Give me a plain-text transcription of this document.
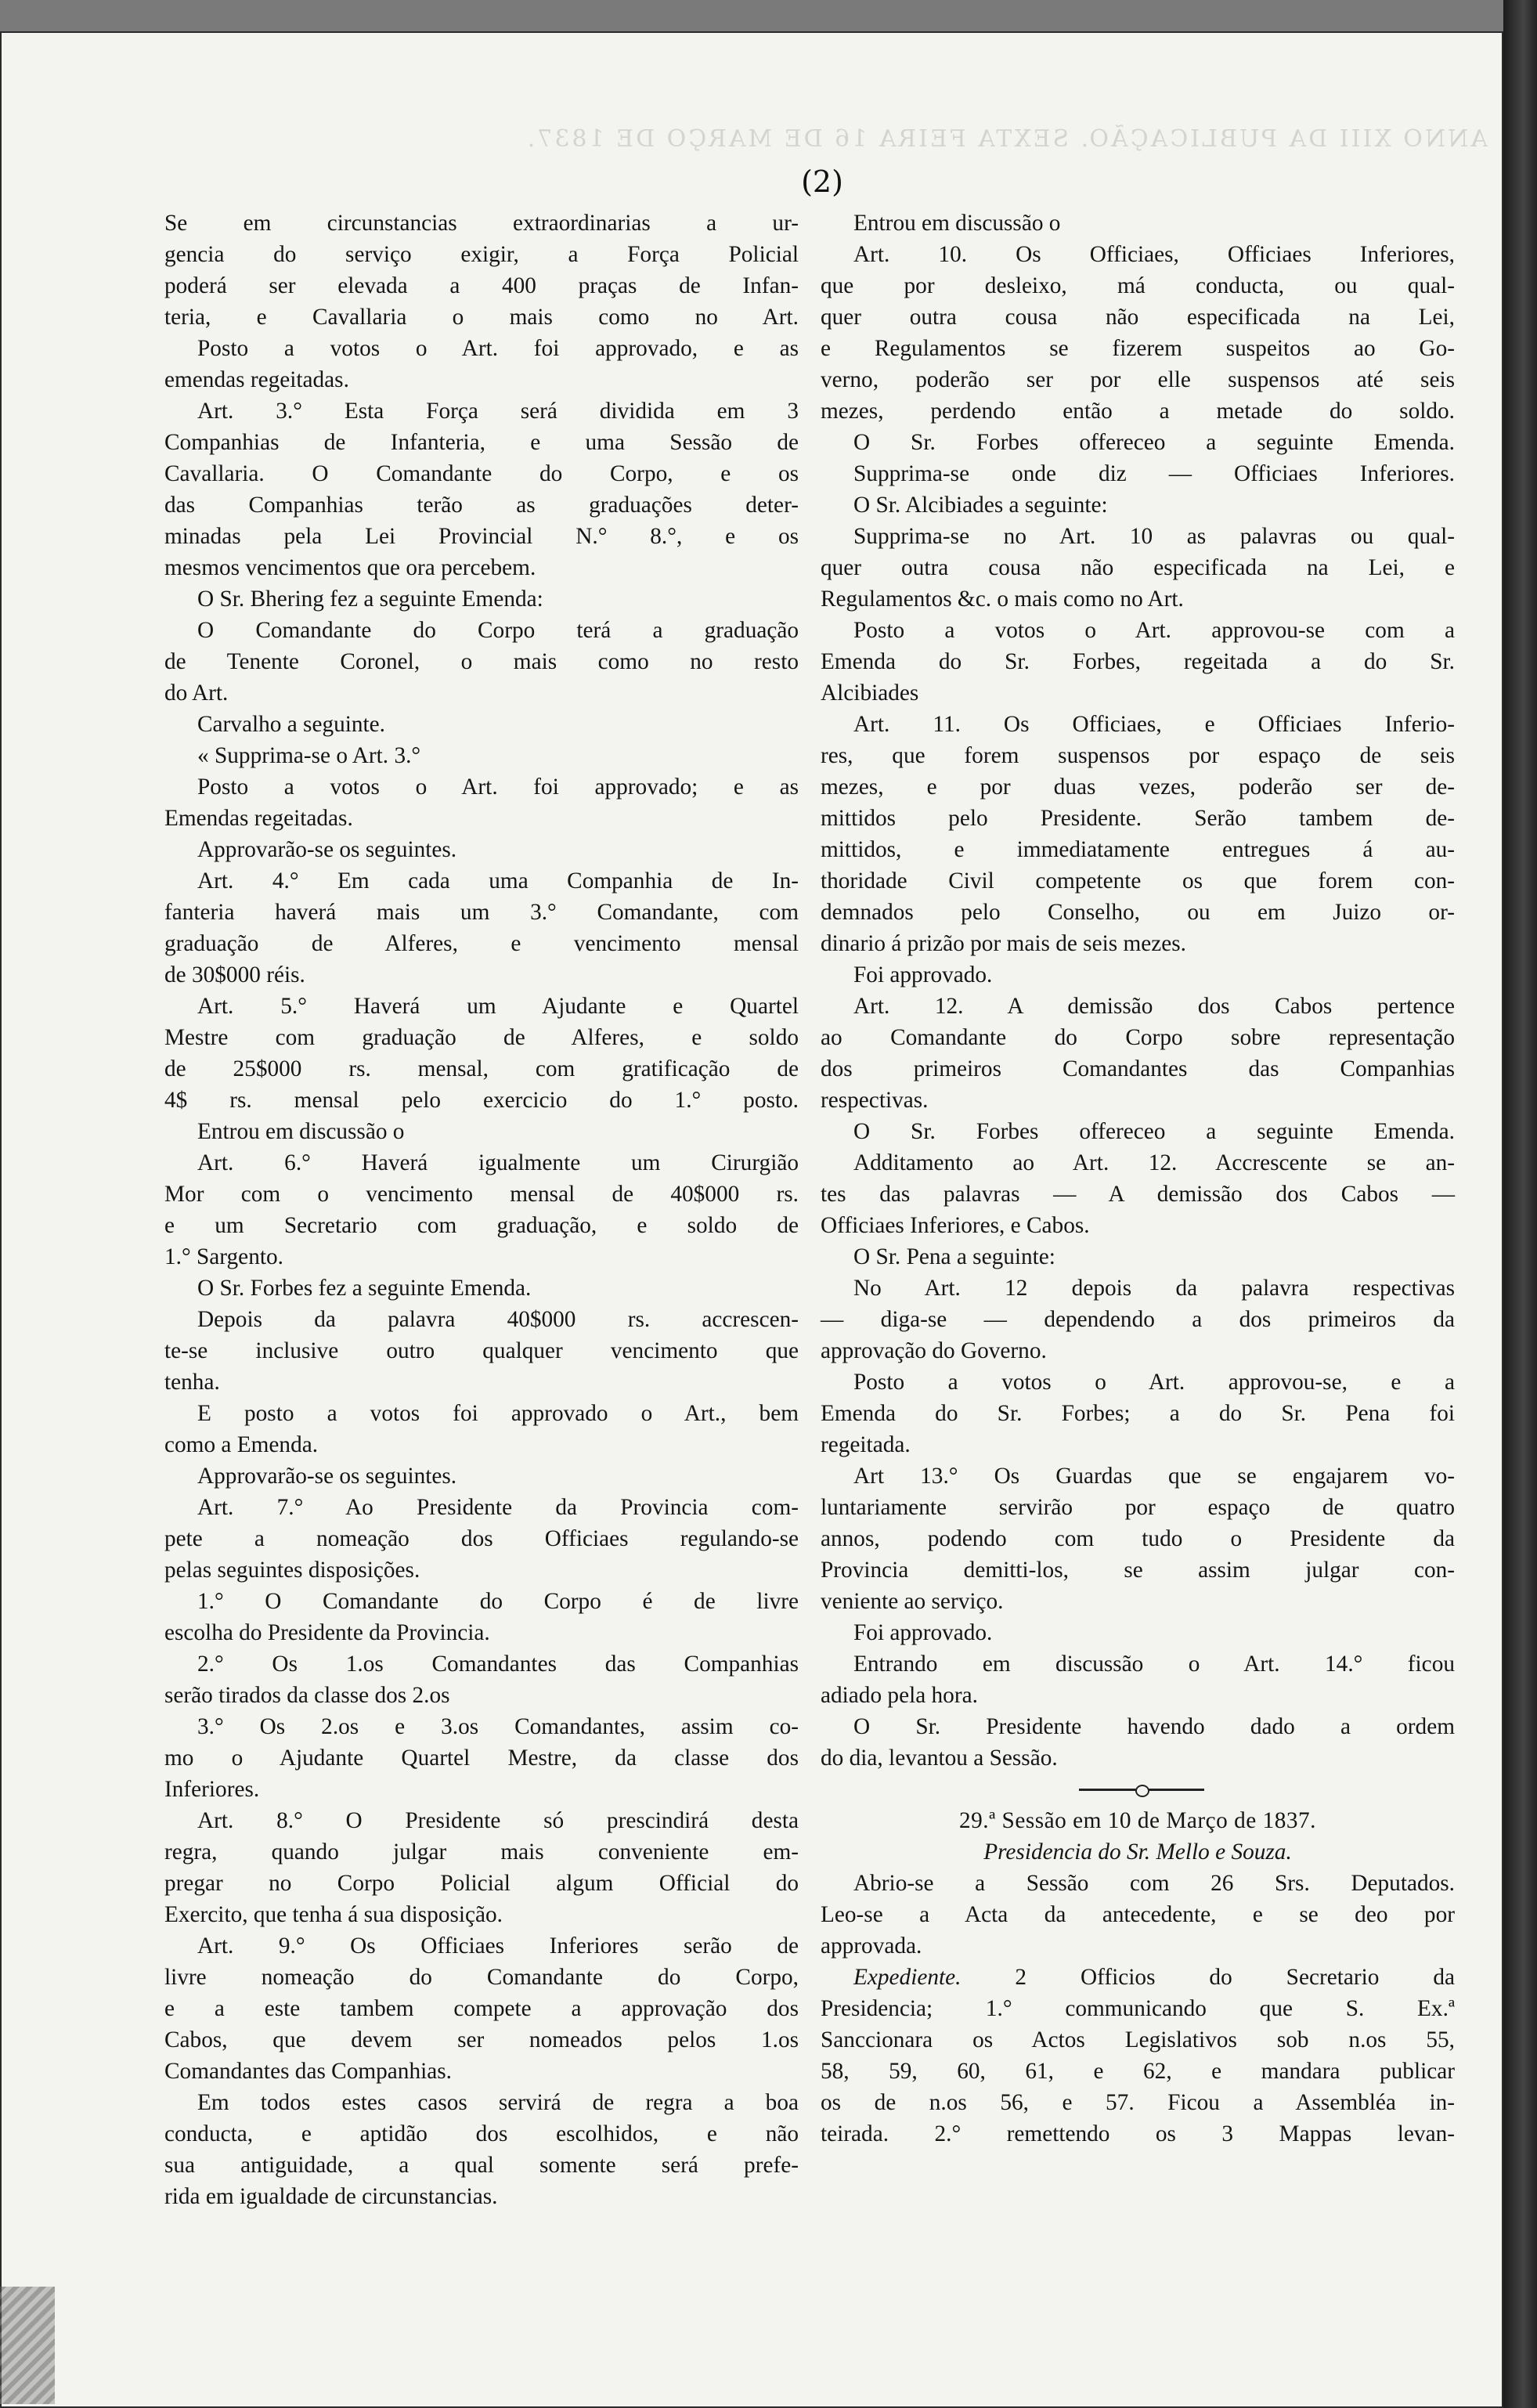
ANNO XIII DA PUBLICAÇÃO. SEXTA FEIRA 16 DE MARÇO DE 1837.
(2)
Se em circunstancias extraordinarias a ur-
gencia do serviço exigir, a Força Policial
poderá ser elevada a 400 praças de Infan-
teria, e Cavallaria o mais como no Art.
Posto a votos o Art. foi approvado, e as
emendas regeitadas.
Art. 3.° Esta Força será dividida em 3
Companhias de Infanteria, e uma Sessão de
Cavallaria. O Comandante do Corpo, e os
das Companhias terão as graduações deter-
minadas pela Lei Provincial N.° 8.°, e os
mesmos vencimentos que ora percebem.
O Sr. Bhering fez a seguinte Emenda:
O Comandante do Corpo terá a graduação
de Tenente Coronel, o mais como no resto
do Art.
Carvalho a seguinte.
« Supprima-se o Art. 3.°
Posto a votos o Art. foi approvado; e as
Emendas regeitadas.
Approvarão-se os seguintes.
Art. 4.° Em cada uma Companhia de In-
fanteria haverá mais um 3.° Comandante, com
graduação de Alferes, e vencimento mensal
de 30$000 réis.
Art. 5.° Haverá um Ajudante e Quartel
Mestre com graduação de Alferes, e soldo
de 25$000 rs. mensal, com gratificação de
4$ rs. mensal pelo exercicio do 1.° posto.
Entrou em discussão o
Art. 6.° Haverá igualmente um Cirurgião
Mor com o vencimento mensal de 40$000 rs.
e um Secretario com graduação, e soldo de
1.° Sargento.
O Sr. Forbes fez a seguinte Emenda.
Depois da palavra 40$000 rs. accrescen-
te-se inclusive outro qualquer vencimento que
tenha.
E posto a votos foi approvado o Art., bem
como a Emenda.
Approvarão-se os seguintes.
Art. 7.° Ao Presidente da Provincia com-
pete a nomeação dos Officiaes regulando-se
pelas seguintes disposições.
1.° O Comandante do Corpo é de livre
escolha do Presidente da Provincia.
2.° Os 1.os Comandantes das Companhias
serão tirados da classe dos 2.os
3.° Os 2.os e 3.os Comandantes, assim co-
mo o Ajudante Quartel Mestre, da classe dos
Inferiores.
Art. 8.° O Presidente só prescindirá desta
regra, quando julgar mais conveniente em-
pregar no Corpo Policial algum Official do
Exercito, que tenha á sua disposição.
Art. 9.° Os Officiaes Inferiores serão de
livre nomeação do Comandante do Corpo,
e a este tambem compete a approvação dos
Cabos, que devem ser nomeados pelos 1.os
Comandantes das Companhias.
Em todos estes casos servirá de regra a boa
conducta, e aptidão dos escolhidos, e não
sua antiguidade, a qual somente será prefe-
rida em igualdade de circunstancias.
Entrou em discussão o
Art. 10. Os Officiaes, Officiaes Inferiores,
que por desleixo, má conducta, ou qual-
quer outra cousa não especificada na Lei,
e Regulamentos se fizerem suspeitos ao Go-
verno, poderão ser por elle suspensos até seis
mezes, perdendo então a metade do soldo.
O Sr. Forbes offereceo a seguinte Emenda.
Supprima-se onde diz — Officiaes Inferiores.
O Sr. Alcibiades a seguinte:
Supprima-se no Art. 10 as palavras ou qual-
quer outra cousa não especificada na Lei, e
Regulamentos &c. o mais como no Art.
Posto a votos o Art. approvou-se com a
Emenda do Sr. Forbes, regeitada a do Sr.
Alcibiades
Art. 11. Os Officiaes, e Officiaes Inferio-
res, que forem suspensos por espaço de seis
mezes, e por duas vezes, poderão ser de-
mittidos pelo Presidente. Serão tambem de-
mittidos, e immediatamente entregues á au-
thoridade Civil competente os que forem con-
demnados pelo Conselho, ou em Juizo or-
dinario á prizão por mais de seis mezes.
Foi approvado.
Art. 12. A demissão dos Cabos pertence
ao Comandante do Corpo sobre representação
dos primeiros Comandantes das Companhias
respectivas.
O Sr. Forbes offereceo a seguinte Emenda.
Additamento ao Art. 12. Accrescente se an-
tes das palavras — A demissão dos Cabos —
Officiaes Inferiores, e Cabos.
O Sr. Pena a seguinte:
No Art. 12 depois da palavra respectivas
— diga-se — dependendo a dos primeiros da
approvação do Governo.
Posto a votos o Art. approvou-se, e a
Emenda do Sr. Forbes; a do Sr. Pena foi
regeitada.
Art 13.° Os Guardas que se engajarem vo-
luntariamente servirão por espaço de quatro
annos, podendo com tudo o Presidente da
Provincia demitti-los, se assim julgar con-
veniente ao serviço.
Foi approvado.
Entrando em discussão o Art. 14.° ficou
adiado pela hora.
O Sr. Presidente havendo dado a ordem
do dia, levantou a Sessão.
29.ª Sessão em 10 de Março de 1837.
Presidencia do Sr. Mello e Souza.
Abrio-se a Sessão com 26 Srs. Deputados.
Leo-se a Acta da antecedente, e se deo por
approvada.
Expediente. 2 Officios do Secretario da
Presidencia; 1.° communicando que S. Ex.ª
Sanccionara os Actos Legislativos sob n.os 55,
58, 59, 60, 61, e 62, e mandara publicar
os de n.os 56, e 57. Ficou a Assembléa in-
teirada. 2.° remettendo os 3 Mappas levan-
